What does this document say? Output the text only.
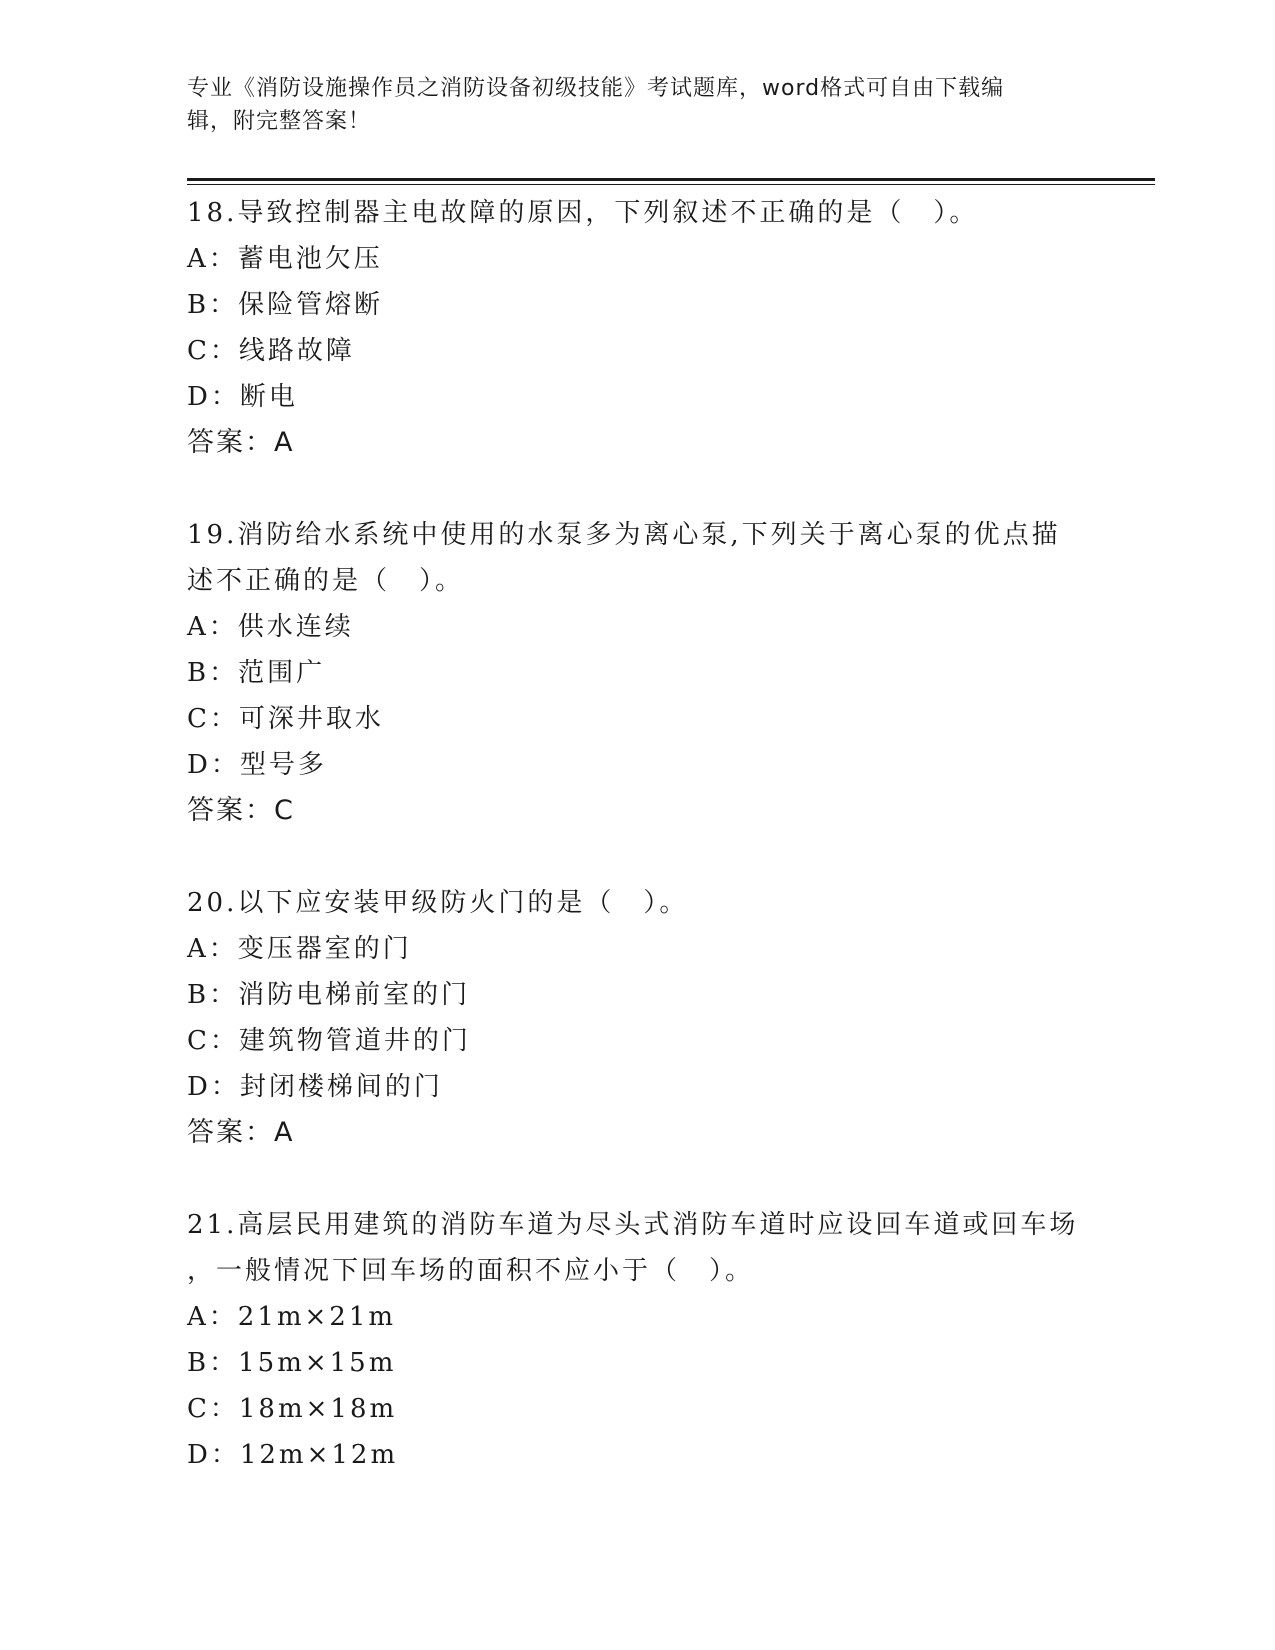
专业《消防设施操作员之消防设备初级技能》考试题库，word格式可自由下载编
辑，附完整答案！
18.导致控制器主电故障的原因，下列叙述不正确的是（　）。
A：蓄电池欠压
B：保险管熔断
C：线路故障
D：断电
答案：A
19.消防给水系统中使用的水泵多为离心泵,下列关于离心泵的优点描
述不正确的是（　）。
A：供水连续
B：范围广
C：可深井取水
D：型号多
答案：C
20.以下应安装甲级防火门的是（　）。
A：变压器室的门
B：消防电梯前室的门
C：建筑物管道井的门
D：封闭楼梯间的门
答案：A
21.高层民用建筑的消防车道为尽头式消防车道时应设回车道或回车场
，一般情况下回车场的面积不应小于（　）。
A：21m×21m
B：15m×15m
C：18m×18m
D：12m×12m
